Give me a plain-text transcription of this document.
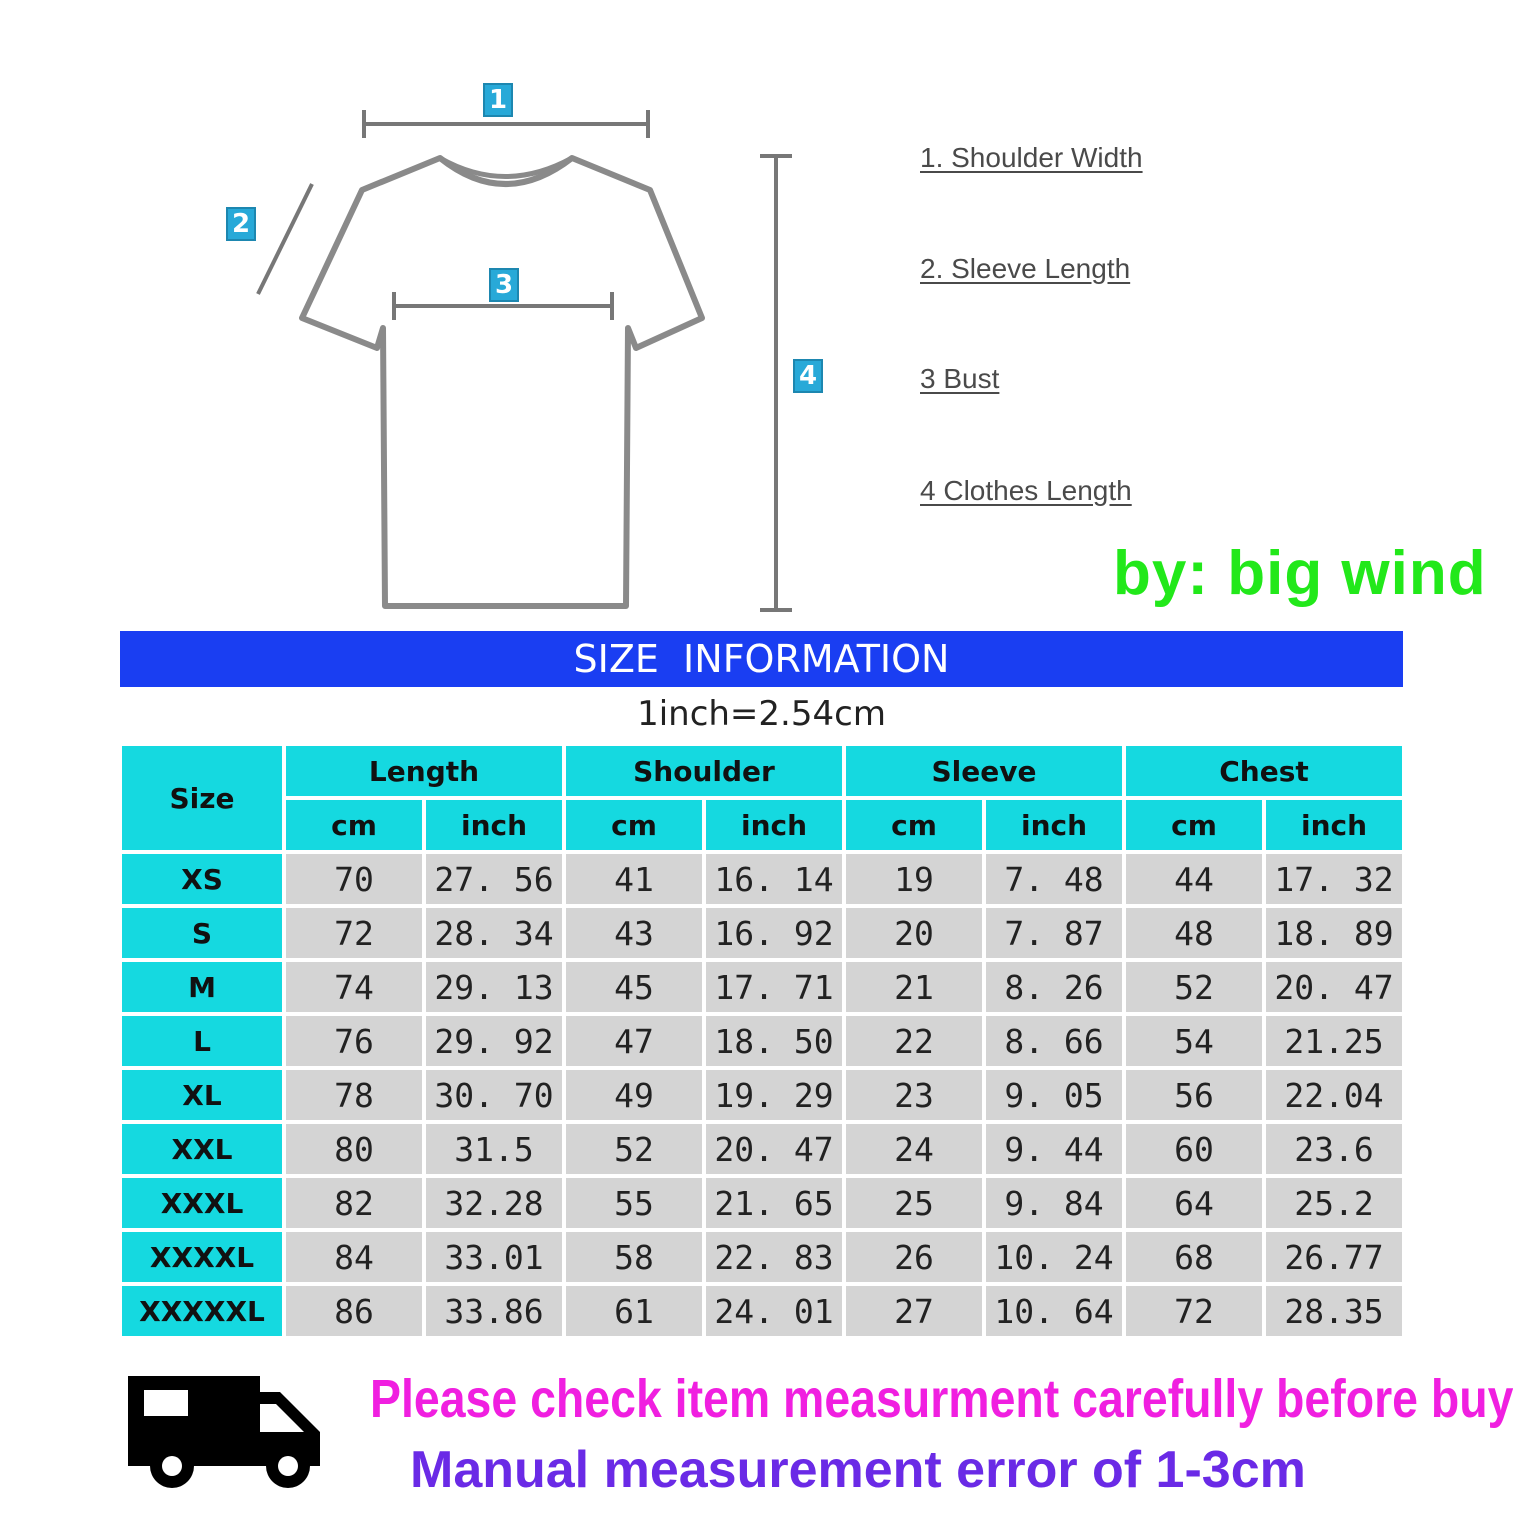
1
2
3
4
1. Shoulder Width
2. Sleeve Length
3 Bust
4 Clothes Length
by: big wind
SIZE  INFORMATION
1inch=2.54cm
Size	Length		Shoulder		Sleeve		Chest	
	cm	inch	cm	inch	cm	inch	cm	inch
XS	70	27. 56	41	16. 14	19	7. 48	44	17. 32
S	72	28. 34	43	16. 92	20	7. 87	48	18. 89
M	74	29. 13	45	17. 71	21	8. 26	52	20. 47
L	76	29. 92	47	18. 50	22	8. 66	54	21.25
XL	78	30. 70	49	19. 29	23	9. 05	56	22.04
XXL	80	31.5	52	20. 47	24	9. 44	60	23.6
XXXL	82	32.28	55	21. 65	25	9. 84	64	25.2
XXXXL	84	33.01	58	22. 83	26	10. 24	68	26.77
XXXXXL	86	33.86	61	24. 01	27	10. 64	72	28.35
Please check item measurment carefully before buy
Manual measurement error of 1-3cm
